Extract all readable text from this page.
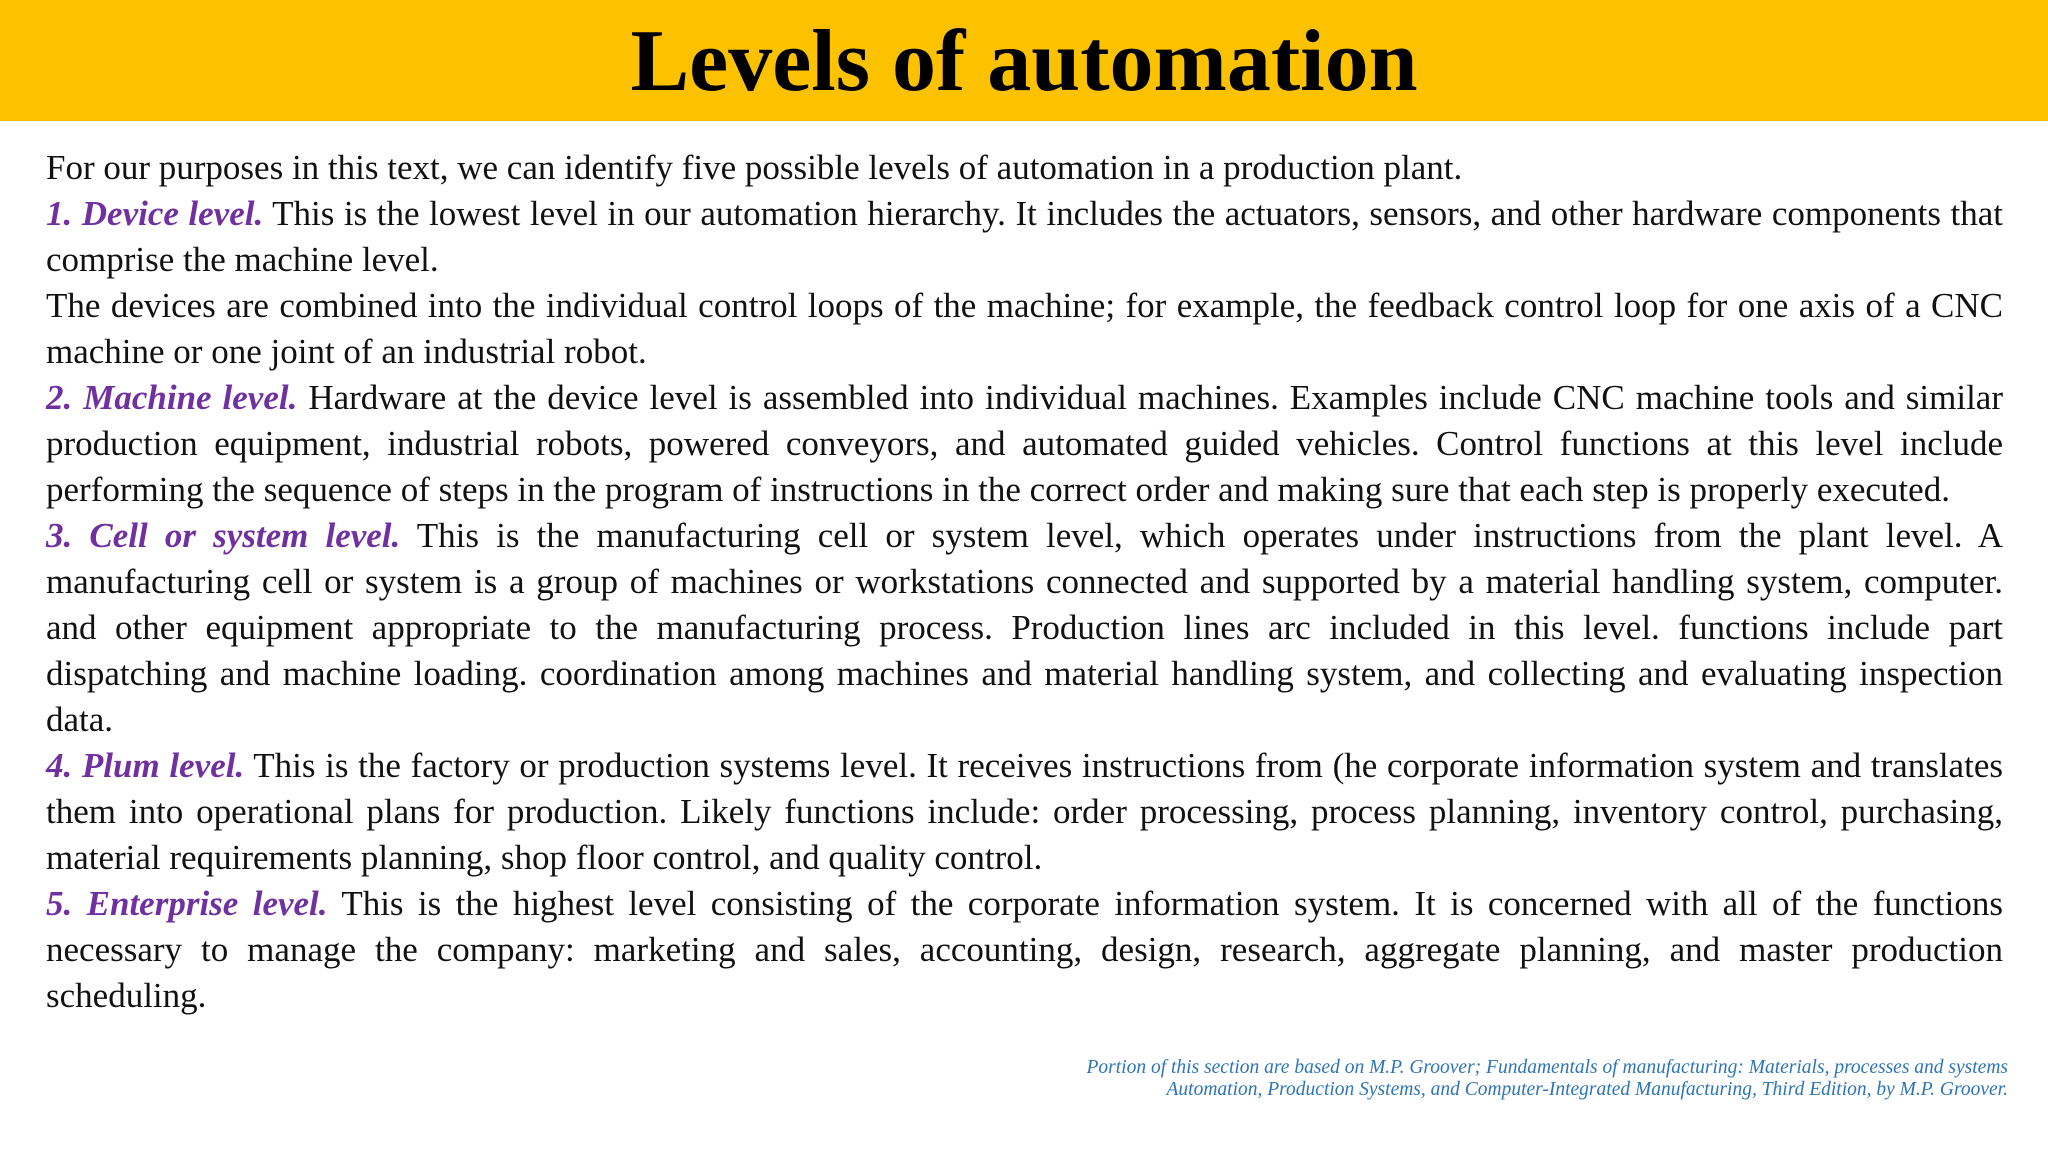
Levels of automation

For our purposes in this text, we can identify five possible levels of automation in a production plant.

1. Device level. This is the lowest level in our automation hierarchy. It includes the actuators, sensors, and other hardware components that comprise the machine level.

The devices are combined into the individual control loops of the machine; for example, the feedback control loop for one axis of a CNC machine or one joint of an industrial robot.

2. Machine level. Hardware at the device level is assembled into individual machines. Examples include CNC machine tools and similar production equipment, industrial robots, powered conveyors, and automated guided vehicles. Control functions at this level include performing the sequence of steps in the program of instructions in the correct order and making sure that each step is properly executed.

3. Cell or system level. This is the manufacturing cell or system level, which operates under instructions from the plant level. A manufacturing cell or system is a group of machines or workstations connected and supported by a material handling system, computer. and other equipment appropriate to the manufacturing process. Production lines arc included in this level. functions include part dispatching and machine loading. coordination among machines and material handling system, and collecting and evaluating inspection data.

4. Plum level. This is the factory or production systems level. It receives instructions from (he corporate information system and translates them into operational plans for production. Likely functions include: order processing, process planning, inventory control, purchasing, material requirements planning, shop floor control, and quality control.

5. Enterprise level. This is the highest level consisting of the corporate information system. It is concerned with all of the functions necessary to manage the company: marketing and sales, accounting, design, research, aggregate planning, and master production scheduling.

Portion of this section are based on M.P. Groover; Fundamentals of manufacturing: Materials, processes and systems
Automation, Production Systems, and Computer-Integrated Manufacturing, Third Edition, by M.P. Groover.
